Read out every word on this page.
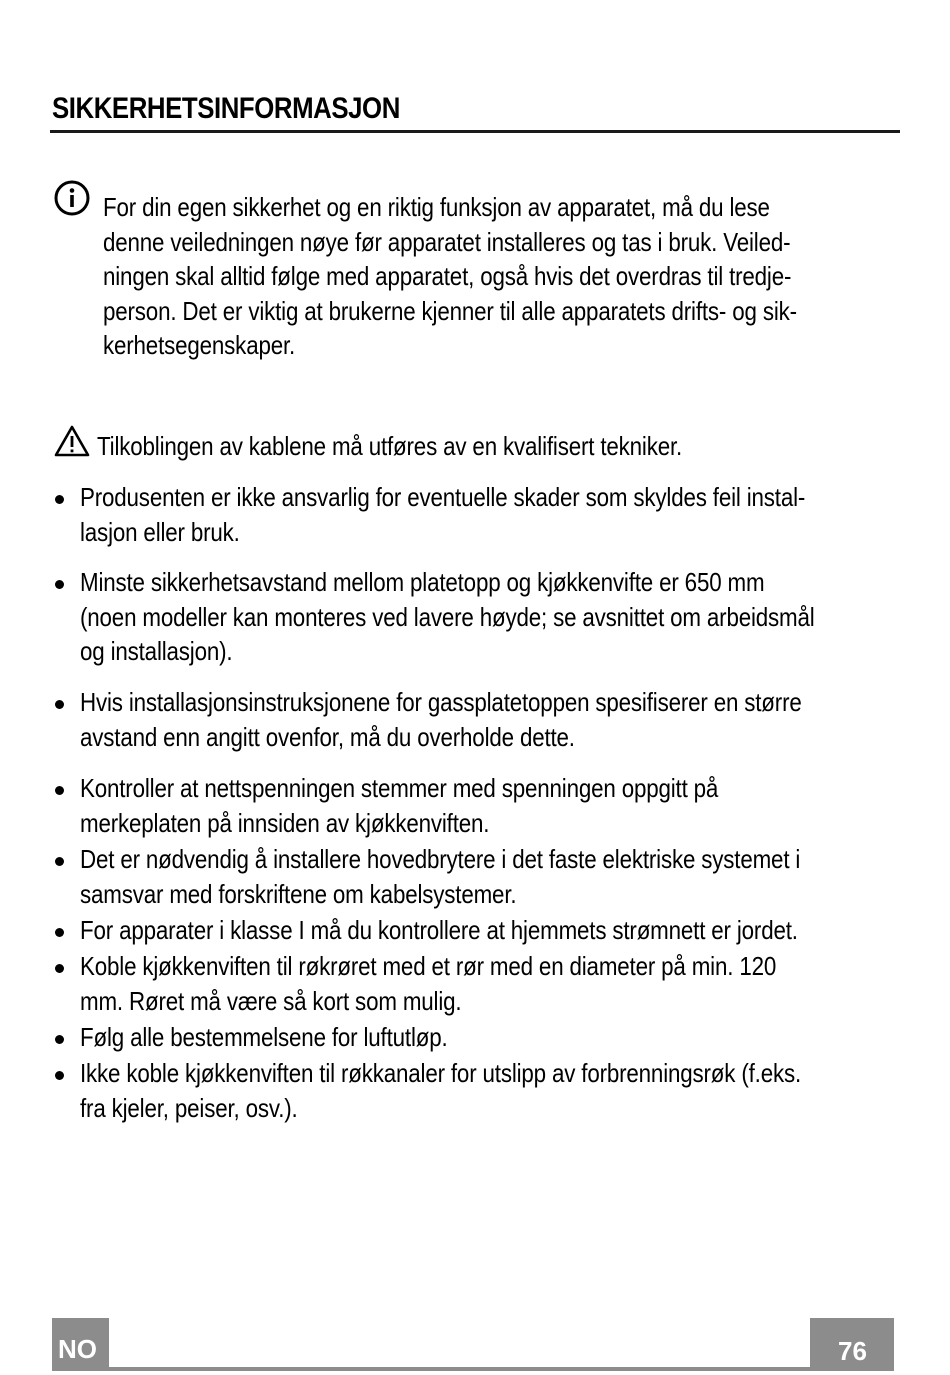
SIKKERHETSINFORMASJON
For din egen sikkerhet og en riktig funksjon av apparatet, må du lese
denne veiledningen nøye før apparatet installeres og tas i bruk. Veiled-
ningen skal alltid følge med apparatet, også hvis det overdras til tredje-
person. Det er viktig at brukerne kjenner til alle apparatets drifts- og sik-
kerhetsegenskaper.
Tilkoblingen av kablene må utføres av en kvalifisert tekniker.
Produsenten er ikke ansvarlig for eventuelle skader som skyldes feil instal-
lasjon eller bruk.
Minste sikkerhetsavstand mellom platetopp og kjøkkenvifte er 650 mm
(noen modeller kan monteres ved lavere høyde; se avsnittet om arbeidsmål
og installasjon).
Hvis installasjonsinstruksjonene for gassplatetoppen spesifiserer en større
avstand enn angitt ovenfor, må du overholde dette.
Kontroller at nettspenningen stemmer med spenningen oppgitt på
merkeplaten på innsiden av kjøkkenviften.
Det er nødvendig å installere hovedbrytere i det faste elektriske systemet i
samsvar med forskriftene om kabelsystemer.
For apparater i klasse I må du kontrollere at hjemmets strømnett er jordet.
Koble kjøkkenviften til røkrøret med et rør med en diameter på min. 120
mm. Røret må være så kort som mulig.
Følg alle bestemmelsene for luftutløp.
Ikke koble kjøkkenviften til røkkanaler for utslipp av forbrenningsrøk (f.eks.
fra kjeler, peiser, osv.).
NO	76
